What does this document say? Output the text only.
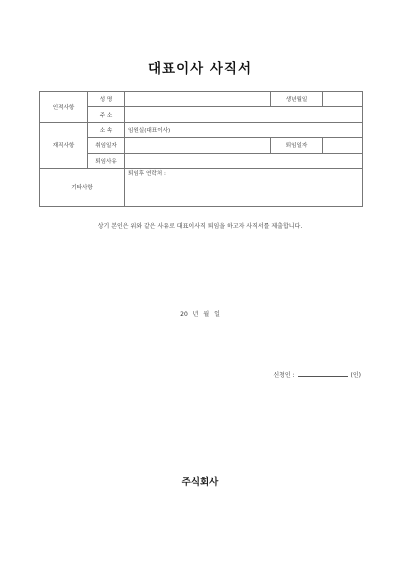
대표이사 사직서
인적사항	성 명		생년월일	
	주 소			
재직사항	소 속	임원실(대표이사)		
	취임일자		퇴임일자	
	퇴임사유			
기타사항		퇴임후 연락처 :		
상기 본인은 위와 같은 사유로 대표이사직 퇴임을 하고자 사직서를 제출합니다.
20 년 월 일
신청인 :	(인)
주식회사
